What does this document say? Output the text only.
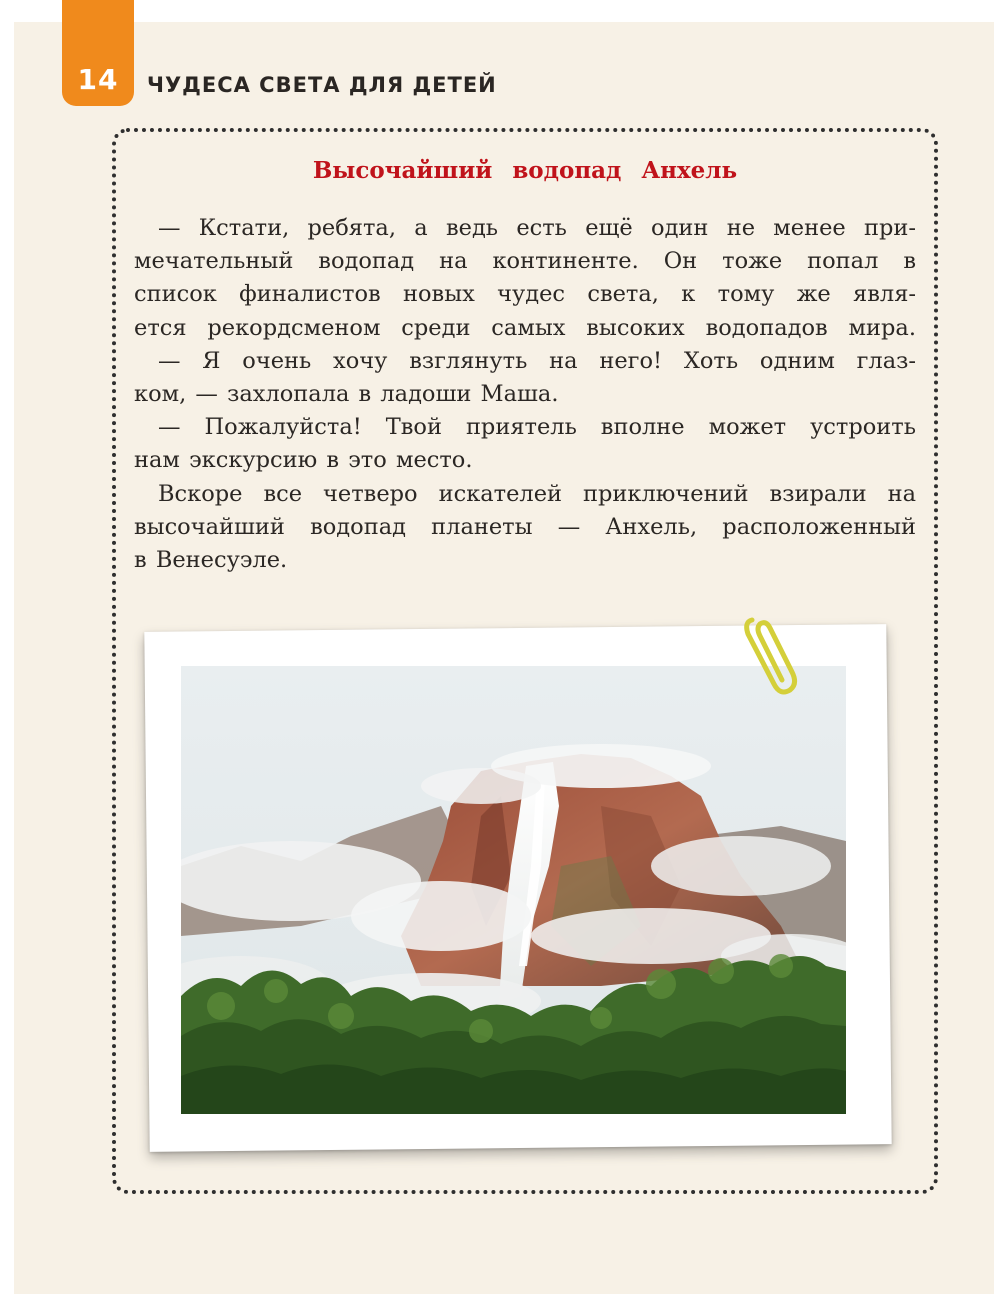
14	ЧУДЕСА СВЕТА ДЛЯ ДЕТЕЙ
Высочайший водопад Анхель
— Кстати, ребята, а ведь есть ещё один не менее при-
мечательный водопад на континенте. Он тоже попал в
список финалистов новых чудес света, к тому же явля-
ется рекордсменом среди самых высоких водопадов мира.
— Я очень хочу взглянуть на него! Хоть одним глаз-
ком, — захлопала в ладоши Маша.
— Пожалуйста! Твой приятель вполне может устроить
нам экскурсию в это место.
Вскоре все четверо искателей приключений взирали на
высочайший водопад планеты — Анхель, расположенный
в Венесуэле.
